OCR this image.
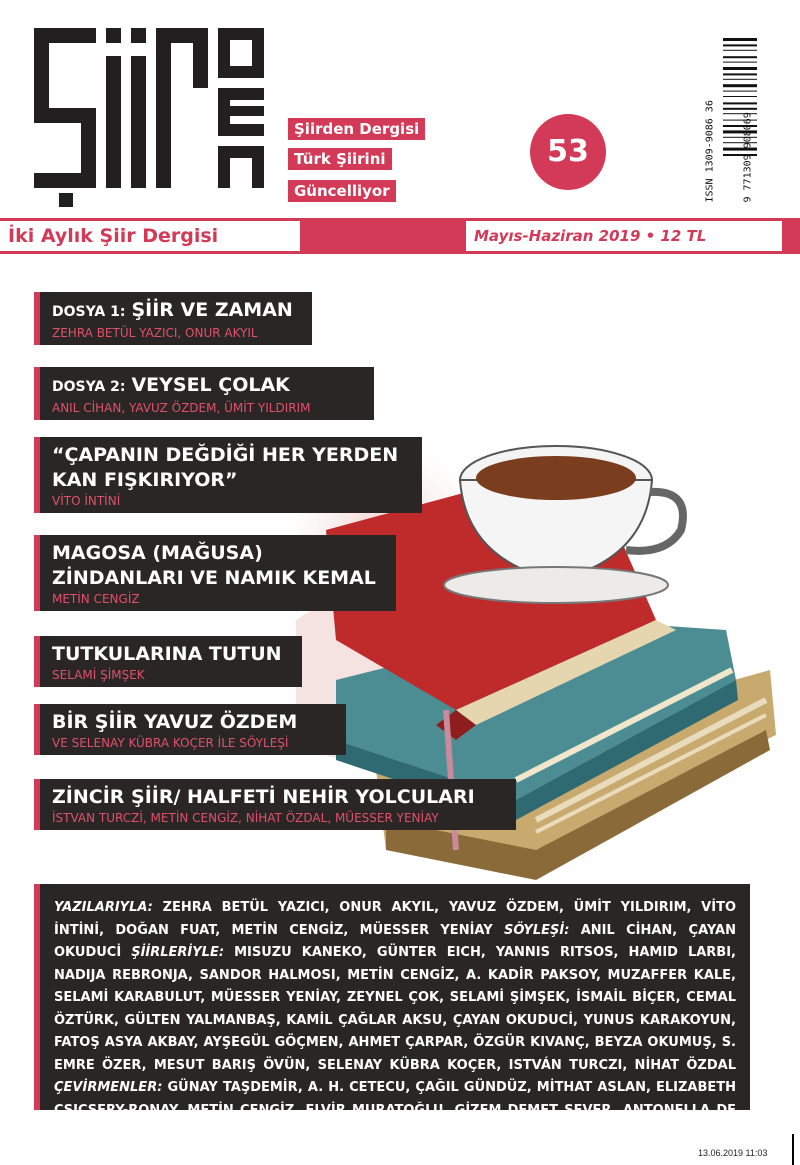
Şiirden Dergisi
Türk Şiirini
Güncelliyor
53	ISSN 1309-9086 36	9 771309 908069
İki Aylık Şiir Dergisi	Mayıs-Haziran 2019 • 12 TL
DOSYA 1: ŞİİR VE ZAMAN
ZEHRA BETÜL YAZICI, ONUR AKYIL
DOSYA 2: VEYSEL ÇOLAK
ANIL CİHAN, YAVUZ ÖZDEM, ÜMİT YILDIRIM
“ÇAPANIN DEĞDİĞİ HER YERDEN
KAN FIŞKIRIYOR”
VİTO İNTİNİ
MAGOSA (MAĞUSA)
ZİNDANLARI VE NAMIK KEMAL
METİN CENGİZ
TUTKULARINA TUTUN
SELAMİ ŞİMŞEK
BİR ŞİİR YAVUZ ÖZDEM
VE SELENAY KÜBRA KOÇER İLE SÖYLEŞİ
ZİNCİR ŞİİR/ HALFETİ NEHİR YOLCULARI
İSTVAN TURCZİ, METİN CENGİZ, NİHAT ÖZDAL, MÜESSER YENİAY
YAZILARIYLA: ZEHRA BETÜL YAZICI, ONUR AKYIL, YAVUZ ÖZDEM, ÜMİT YILDIRIM, VİTO İNTİNİ, DOĞAN FUAT, METİN CENGİZ, MÜESSER YENİAY SÖYLEŞİ: ANIL CİHAN, ÇAYAN OKUDUCİ ŞİİRLERİYLE: MISUZU KANEKO, GÜNTER EICH, YANNIS RITSOS, HAMID LARBI, NADIJA REBRONJA, SANDOR HALMOSI, METİN CENGİZ, A. KADİR PAKSOY, MUZAFFER KALE, SELAMİ KARABULUT, MÜESSER YENİAY, ZEYNEL ÇOK, SELAMİ ŞİMŞEK, İSMAİL BİÇER, CEMAL ÖZTÜRK, GÜLTEN YALMANBAŞ, KAMİL ÇAĞLAR AKSU, ÇAYAN OKUDUCİ, YUNUS KARAKOYUN, FATOŞ ASYA AKBAY, AYŞEGÜL GÖÇMEN, AHMET ÇARPAR, ÖZGÜR KIVANÇ, BEYZA OKUMUŞ, S. EMRE ÖZER, MESUT BARIŞ ÖVÜN, SELENAY KÜBRA KOÇER, ISTVÁN TURCZI, NİHAT ÖZDAL ÇEVİRMENLER: GÜNAY TAŞDEMİR, A. H. CETECU, ÇAĞIL GÜNDÜZ, MİTHAT ASLAN, ELIZABETH CSICSERY-RONAY, METİN CENGİZ, ELVİR MURATOĞLU, GİZEM DEMET SEVER, ANTONELLA DE NOBILI, ÖVÜNÇ CENGİZ
13.06.2019 11:03
